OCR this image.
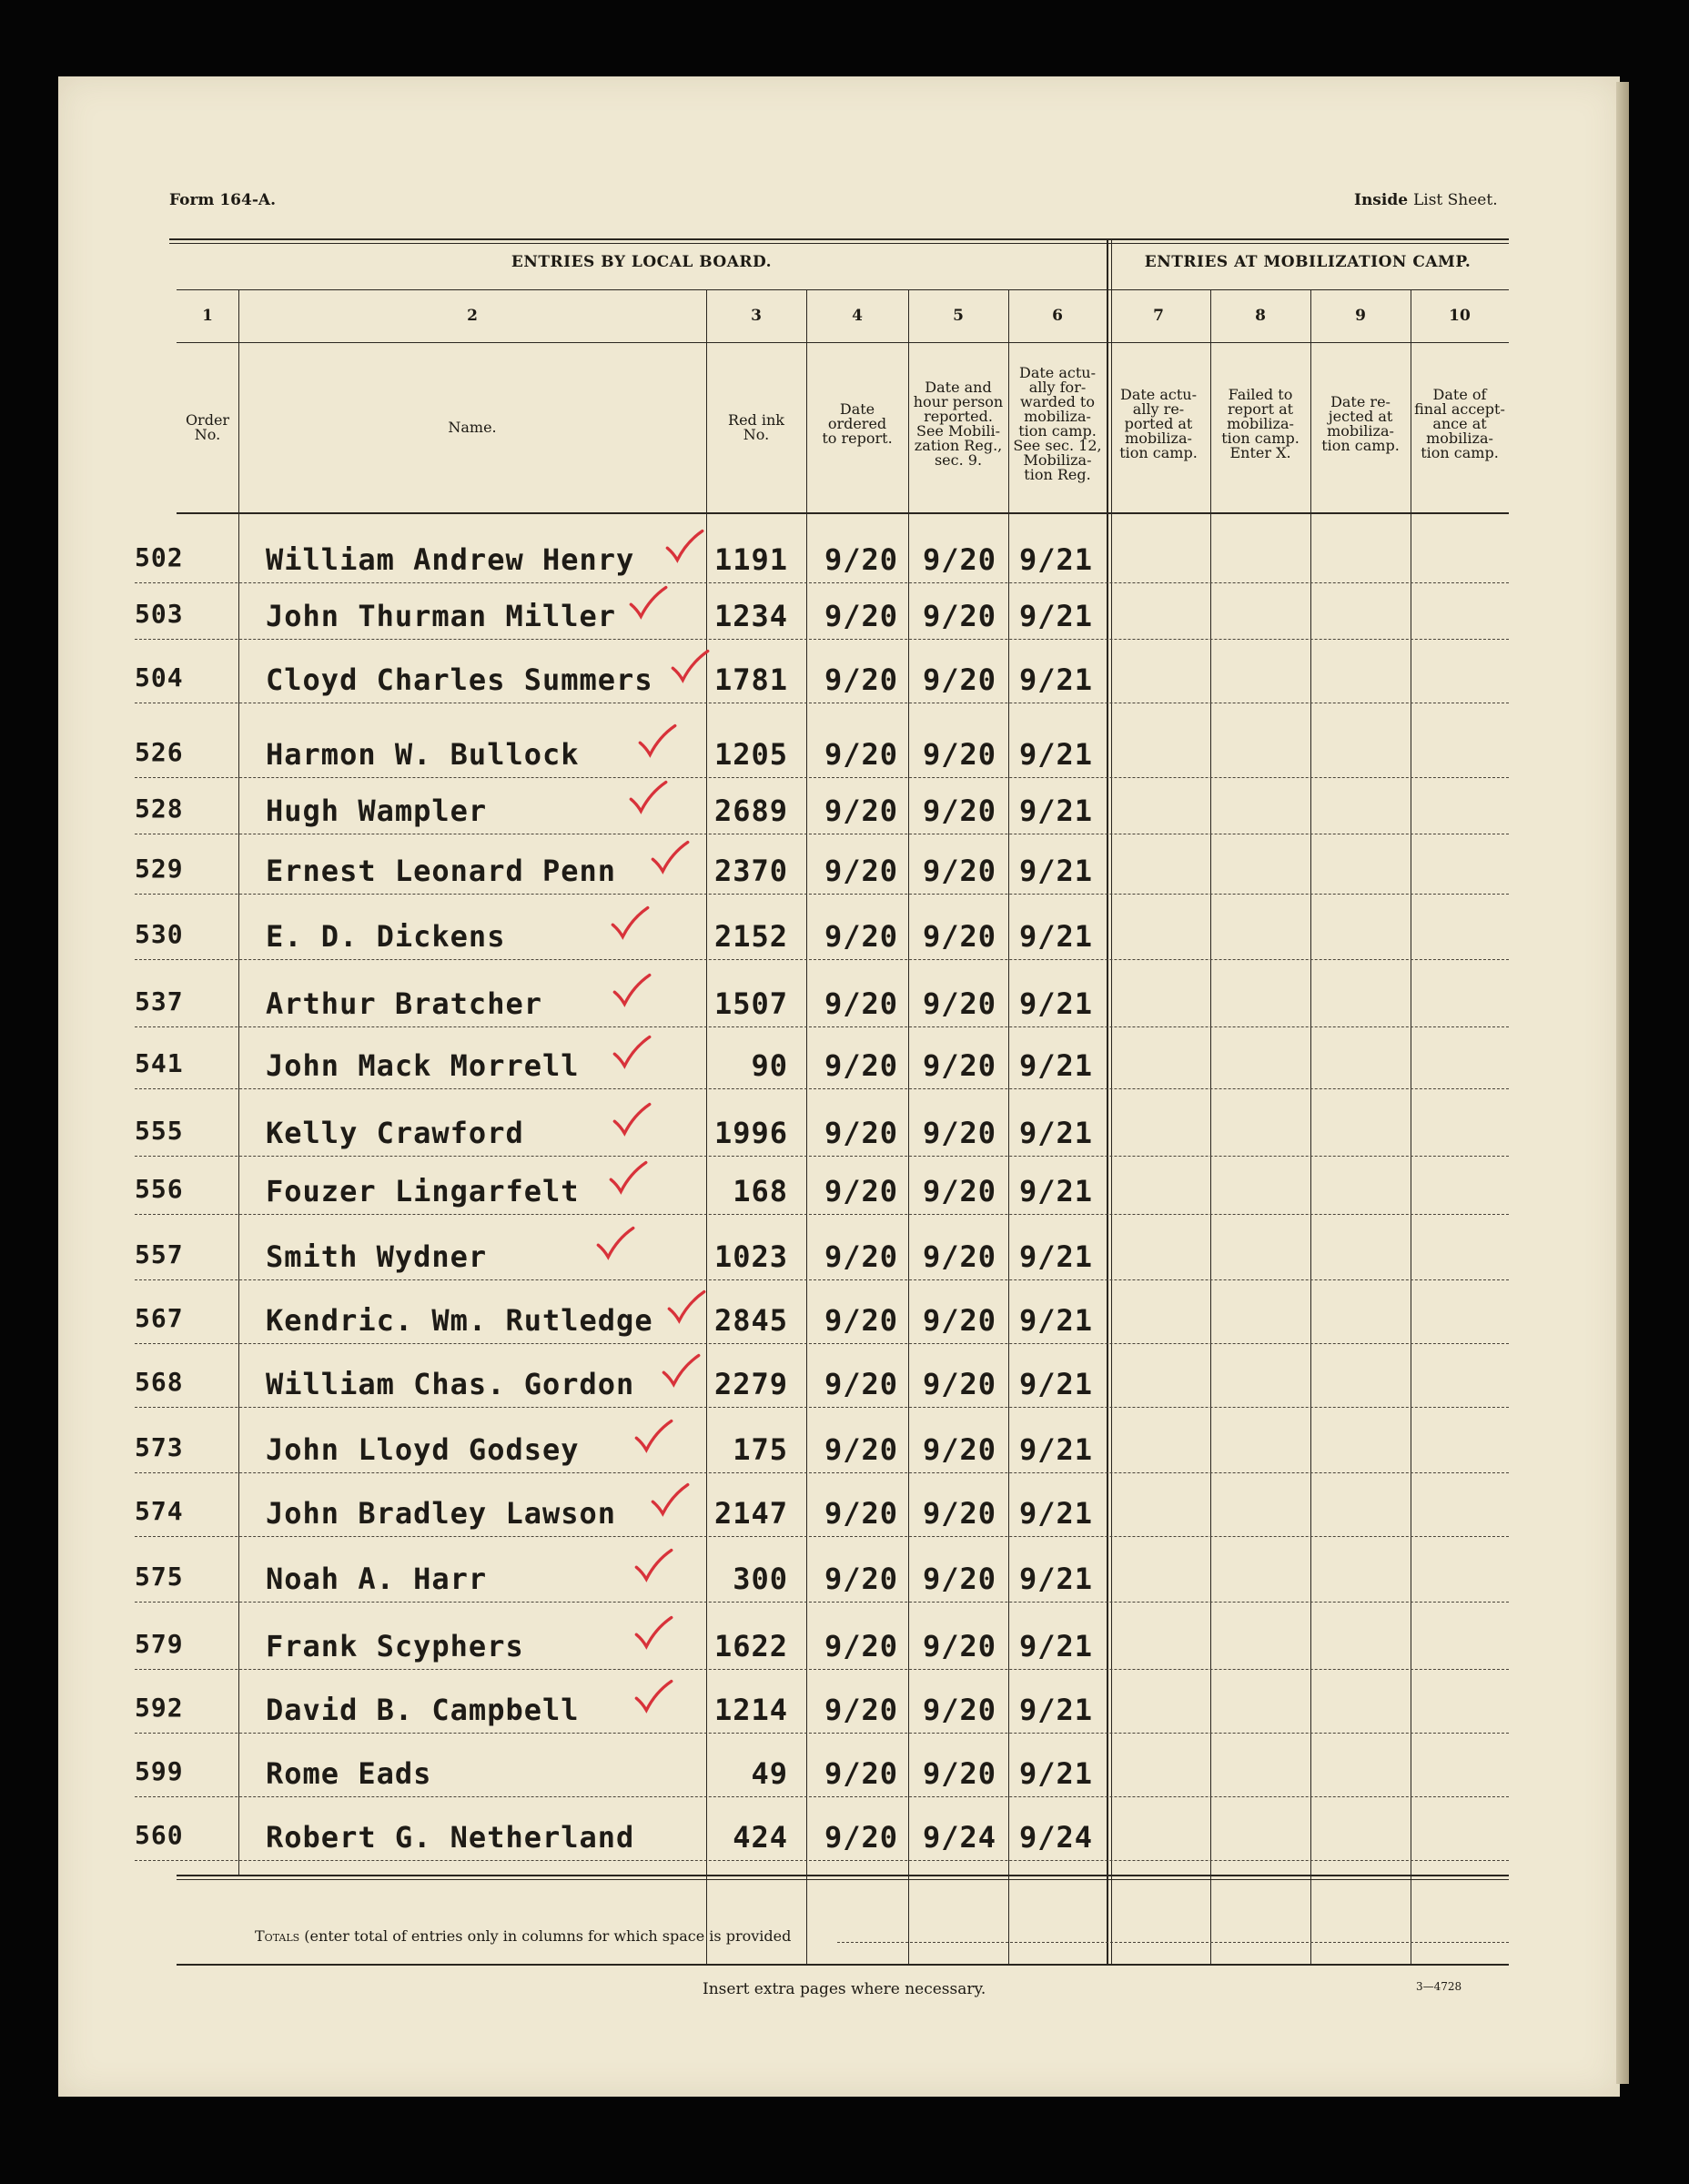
Form 164-A.	Inside List Sheet.
ENTRIES BY LOCAL BOARD.	ENTRIES AT MOBILIZATION CAMP.
1
Order
No.
2
Name.
3
Red ink
No.
4
Date
ordered
to report.
5
Date and
hour person
reported.
See Mobili-
zation Reg.,
sec. 9.
6
Date actu-
ally for-
warded to
mobiliza-
tion camp.
See sec. 12,
Mobiliza-
tion Reg.
7
Date actu-
ally re-
ported at
mobiliza-
tion camp.
8
Failed to
report at
mobiliza-
tion camp.
Enter X.
9
Date re-
jected at
mobiliza-
tion camp.
10
Date of
final accept-
ance at
mobiliza-
tion camp.
502	William Andrew Henry	1191 9/20 9/20 9/21
503	John Thurman Miller	1234 9/20 9/20 9/21
504	Cloyd Charles Summers 1781 9/20 9/20 9/21
526	Harmon W. Bullock	1205 9/20 9/20 9/21
528	Hugh Wampler	2689 9/20 9/20 9/21
529	Ernest Leonard Penn	2370 9/20 9/20 9/21
530	E. D. Dickens	2152 9/20 9/20 9/21
537	Arthur Bratcher	1507 9/20 9/20 9/21
541	John Mack Morrell	90 9/20 9/20 9/21
555	Kelly Crawford	1996 9/20 9/20 9/21
556	Fouzer Lingarfelt	168 9/20 9/20 9/21
557	Smith Wydner	1023 9/20 9/20 9/21
567	Kendric. Wm. Rutledge 2845 9/20 9/20 9/21
568	William Chas. Gordon	2279 9/20 9/20 9/21
573	John Lloyd Godsey	175 9/20 9/20 9/21
574	John Bradley Lawson	2147 9/20 9/20 9/21
575	Noah A. Harr	300 9/20 9/20 9/21
579	Frank Scyphers	1622 9/20 9/20 9/21
592	David B. Campbell	1214 9/20 9/20 9/21
599	Rome Eads	49 9/20 9/20 9/21
560	Robert G. Netherland	424 9/20 9/24 9/24
Totals (enter total of entries only in columns for which space is provided
Insert extra pages where necessary.	3—4728
